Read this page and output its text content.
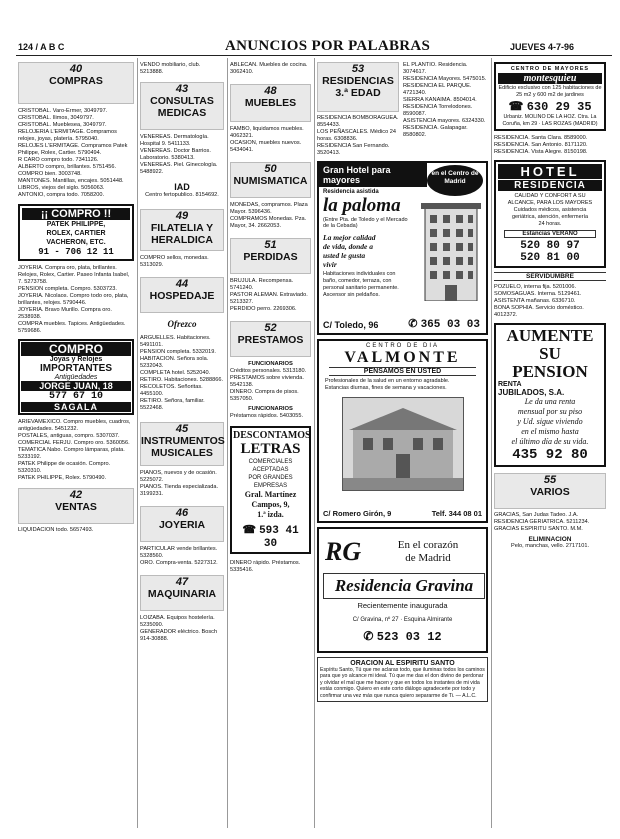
124 / A B C	ANUNCIOS POR PALABRAS	JUEVES 4-7-96
40
COMPRAS
CRISTOBAL. Varo-Ermer, 3049797.
CRISTOBAL. Ilimos, 3049797.
CRISTOBAL. Mueblesea, 3049797.
RELOJERIA L'ERMITAGE. Compramos relojes, joyas, platería. 5795040.
RELOJES L'ERMITAGE. Compramos Patek Philippe, Rolex, Cartier. 5790494.
R CARO compro todo. 7341126.
ALBERTO compro, brillantes. 5751456.
COMPRO bien. 3003748.
MANTONES. Mantillas, encajes. 5051448.
LIBROS, viejos del siglo. 5056063.
ANTONIO, compra todo. 7058200.
¡¡ COMPRO !!
PATEK PHILIPPE,
ROLEX, CARTIER
VACHERON, ETC.
91 - 706 12 11
JOYERIA. Compra oro, plata, brillantes. Relojes, Rolex, Cartier. Paseo Infanta Isabel, 7. 5273758.
PENSION completa. Compro. 5303723.
JOYERIA. Nicolaos. Compro todo oro, plata, brillantes, relojes. 5790446.
JOYERIA. Bravo Murillo. Compra oro. 2538938.
COMPRA muebles. Tapices. Antigüedades. 5759686.
COMPRO
Joyas y Relojes
IMPORTANTES
Antigüedades
JORGE JUAN, 18
577 67 10
SAGALA
ARIEVAMEXICO. Compro muebles, cuadros, antigüedades. 5451232.
POSTALES, antiguas, compro. 5307037.
COMERCIAL FERJU. Compro oro. 5360056.
TEMATICA Nabo. Compro lámparas, plata. 5233192.
PATEK Philippe de ocasión. Compro. 5320310.
PATEK PHILIPPE, Rolex. 5790490.
42
VENTAS
LIQUIDACION todo. 5657493.
VENDO mobiliario, club. 5213888.
43
CONSULTAS MEDICAS
VENEREAS. Dermatología. Hospital 9. 5411133.
VENEREAS. Doctor Barrios. Laboratorio. 5380413.
VENEREAS. Piel. Ginecología. 5488922.
IAD
Centro fertopublico. 8154692.
49
FILATELIA Y HERALDICA
COMPRO sellos, monedas. 5313029.
44
HOSPEDAJE
Ofrezco
ARGUELLES. Habitaciones. 5491101.
PENSION completa. 5332019.
HABITACION. Señora sola. 5232043.
COMPLETA hotel. 5252040.
RETIRO. Habitaciones. 5288866.
RECOLETOS. Señoritas. 4455100.
RETIRO. Señora, familiar. 5522468.
45
INSTRUMENTOS MUSICALES
PIANOS, nuevos y de ocasión. 5225072.
PIANOS. Tienda especializada. 3199231.
46
JOYERIA
PARTICULAR vende brillantes. 5328560.
ORO. Compra-venta. 5227312.
47
MAQUINARIA
LOIZABA. Equipos hostelería. 5235090.
GENERADOR eléctrico. Bosch 914-30888.
ABLECAN. Muebles de cocina. 3062410.
48
MUEBLES
FAMBO, liquidamos muebles. 4062321.
OCASION, muebles nuevos. 5434041.
50
NUMISMATICA
MONEDAS, compramos. Plaza Mayor. 5396436.
COMPRAMOS Monedas. Pza. Mayor, 34. 2662053.
51
PERDIDAS
BRUJULA. Recompensa. 5741240.
PASTOR ALEMAN. Extraviado. 5213327.
PERDIDO perro. 2269306.
52
PRESTAMOS
FUNCIONARIOS
Créditos personales. 5313180.
PRESTAMOS sobre vivienda. 5542138.
DINERO. Compra de pisos. 5357050.
FUNCIONARIOS
Préstamos rápidos. 5403055.
DESCONTAMOS
LETRAS
COMERCIALES
ACEPTADAS
POR GRANDES
EMPRESAS
Gral. Martínez
Campos, 9,
1.ª izda.
☎ 593 41 30
DINERO rápido. Préstamos. 5335416.
53
RESIDENCIAS 3.ª EDAD
RESIDENCIA BOMBORAGUEA. 8554433.
LOS PEÑASCALES. Médico 24 horas. 6308836.
RESIDENCIA San Fernando. 3520413.
EL PLANTIO. Residencia. 3074617.
RESIDENCIA Mayores. 5475015.
RESIDENCIA EL PARQUE. 4721340.
SIERRA KANAIMA. 8504014.
RESIDENCIA Torrelodones. 8590087.
ASISTENCIA mayores. 6324330.
RESIDENCIA. Galapagar. 8580802.
Gran Hotel para mayores
en el Centro de Madrid
Residencia asistida
la paloma
(Entre Pta. de Toledo y el Mercado de la Cebada)
La mejor calidad
de vida, donde a
usted le gusta
vivir
Habitaciones individuales con
baño, comedor, terraza, con
personal sanitario permanente.
Ascensor sin peldaños.
C/ Toledo, 96	✆ 365 03 03
CENTRO DE DIA
VALMONTE
PENSAMOS EN USTED
Profesionales de la salud en un entorno agradable.
Estancias diurnas, fines de semana y vacaciones.
C/ Romero Girón, 9	Telf. 344 08 01
RG	En el corazón
de Madrid
Residencia Gravina
Recientemente inaugurada
C/ Gravina, nº 27 · Esquina Almirante
✆ 523 03 12
ORACION AL ESPIRITU SANTO
Espíritu Santo, Tú que me aclaras todo, que iluminas todos los caminos para que yo alcance mi ideal. Tú que me das el don divino de perdonar y olvidar el mal que me hacen y que en todos los instantes de mi vida estás conmigo. Quiero en este corto diálogo agradecerte por todo y confirmar una vez más que nunca quiero separarme de Ti. — A.L.C.
CENTRO DE MAYORES
montesquieu
Edificio exclusivo con 125 habitaciones de 25 m2 y 600 m2 de jardines
☎ 630 29 35
Urbaniz. MOLINO DE LA HOZ. Ctra. La Coruña, km 29 · LAS ROZAS (MADRID)
RESIDENCIA. Santa Clara. 8589000.
RESIDENCIA. San Antonio. 8171120.
RESIDENCIA. Vista Alegre. 8150198.
HOTEL
RESIDENCIA
CALIDAD Y CONFORT A SU
ALCANCE, PARA LOS MAYORES
Cuidados médicos, asistencia
geriátrica, atención, enfermería
24 horas.
Estancias VERANO
520 80 97
520 81 00
SERVIDUMBRE
POZUELO, interna fija. 5201006.
SOMOSAGUAS. Interna. 5129461.
ASISTENTA mañanas. 6336710.
BONA SOPHIA. Servicio doméstico. 4012372.
AUMENTE
SU
PENSION
RENTA
JUBILADOS, S.A.
Le da una renta
mensual por su piso
y Ud. sigue viviendo
en el mismo hasta
el último día de su vida.
435 92 80
55
VARIOS
GRACIAS, San Judas Tadeo. J.A.
RESIDENCIA GERIATRICA. 5211234.
GRACIAS ESPIRITU SANTO. M.M.
ELIMINACION
Pelo, manchas, vello. 2717101.
